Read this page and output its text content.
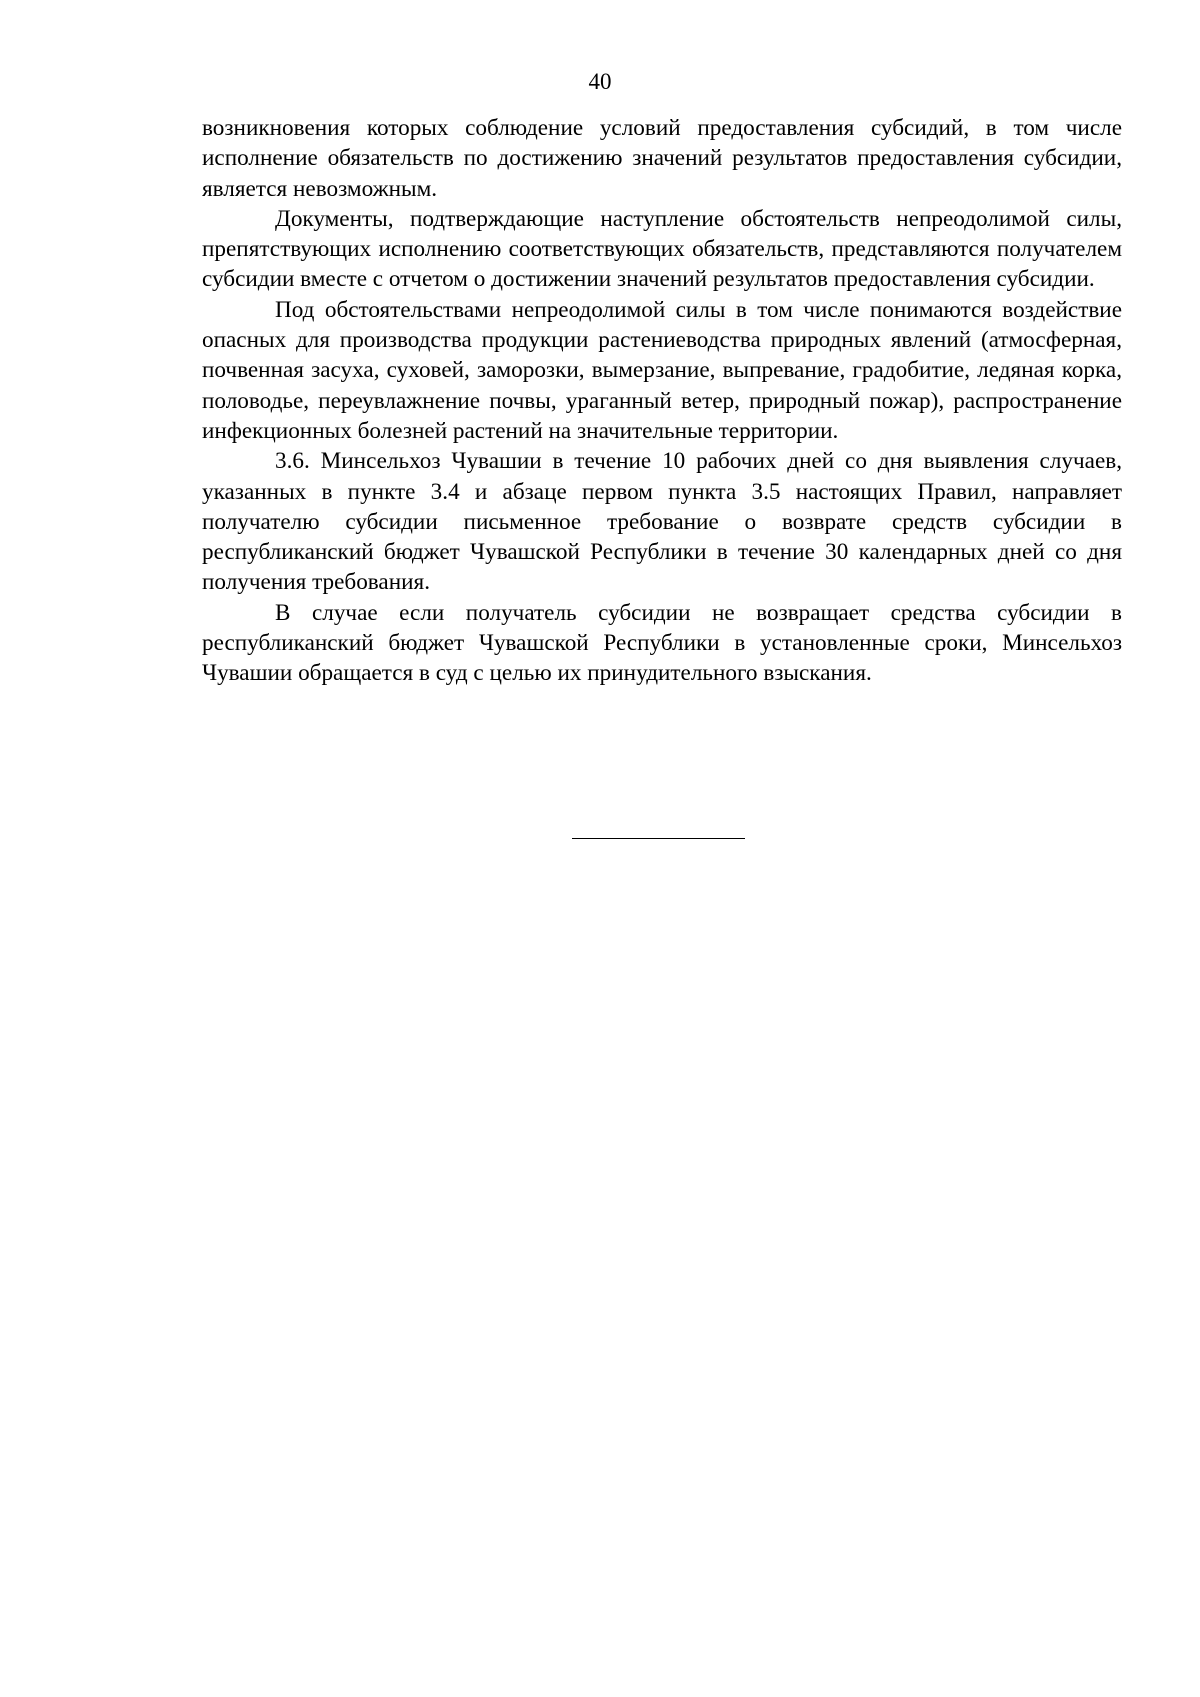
40

возникновения которых соблюдение условий предоставления субсидий, в том числе исполнение обязательств по достижению значений результатов предоставления субсидии, является невозможным.

Документы, подтверждающие наступление обстоятельств непреодолимой силы, препятствующих исполнению соответствующих обязательств, представляются получателем субсидии вместе с отчетом о достижении значений результатов предоставления субсидии.

Под обстоятельствами непреодолимой силы в том числе понимаются воздействие опасных для производства продукции растениеводства природных явлений (атмосферная, почвенная засуха, суховей, заморозки, вымерзание, выпревание, градобитие, ледяная корка, половодье, переувлажнение почвы, ураганный ветер, природный пожар), распространение инфекционных болезней растений на значительные территории.

3.6. Минсельхоз Чувашии в течение 10 рабочих дней со дня выявления случаев, указанных в пункте 3.4 и абзаце первом пункта 3.5 настоящих Правил, направляет получателю субсидии письменное требование о возврате средств субсидии в республиканский бюджет Чувашской Республики в течение 30 календарных дней со дня получения требования.

В случае если получатель субсидии не возвращает средства субсидии в республиканский бюджет Чувашской Республики в установленные сроки, Минсельхоз Чувашии обращается в суд с целью их принудительного взыскания.
